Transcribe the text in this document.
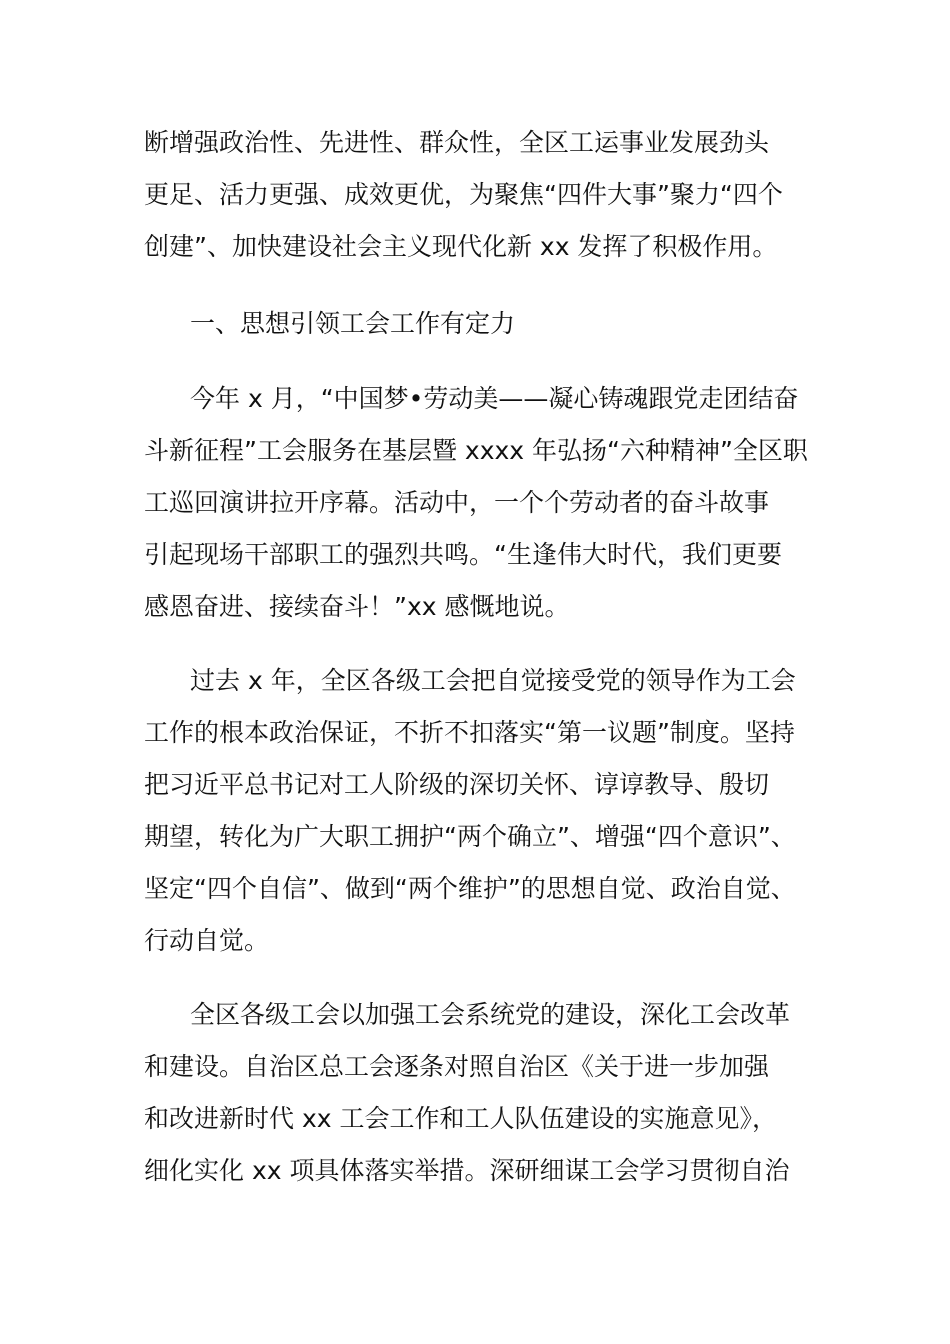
断增强政治性、先进性、群众性，全区工运事业发展劲头
更足、活力更强、成效更优，为聚焦“四件大事”聚力“四个
创建”、加快建设社会主义现代化新 xx 发挥了积极作用。
一、思想引领工会工作有定力
今年 x 月，“中国梦•劳动美——凝心铸魂跟党走团结奋
斗新征程”工会服务在基层暨 xxxx 年弘扬“六种精神”全区职
工巡回演讲拉开序幕。活动中，一个个劳动者的奋斗故事
引起现场干部职工的强烈共鸣。“生逢伟大时代，我们更要
感恩奋进、接续奋斗！”xx 感慨地说。
过去 x 年，全区各级工会把自觉接受党的领导作为工会
工作的根本政治保证，不折不扣落实“第一议题”制度。坚持
把习近平总书记对工人阶级的深切关怀、谆谆教导、殷切
期望，转化为广大职工拥护“两个确立”、增强“四个意识”、
坚定“四个自信”、做到“两个维护”的思想自觉、政治自觉、
行动自觉。
全区各级工会以加强工会系统党的建设，深化工会改革
和建设。自治区总工会逐条对照自治区《关于进一步加强
和改进新时代 xx 工会工作和工人队伍建设的实施意见》，
细化实化 xx 项具体落实举措。深研细谋工会学习贯彻自治
